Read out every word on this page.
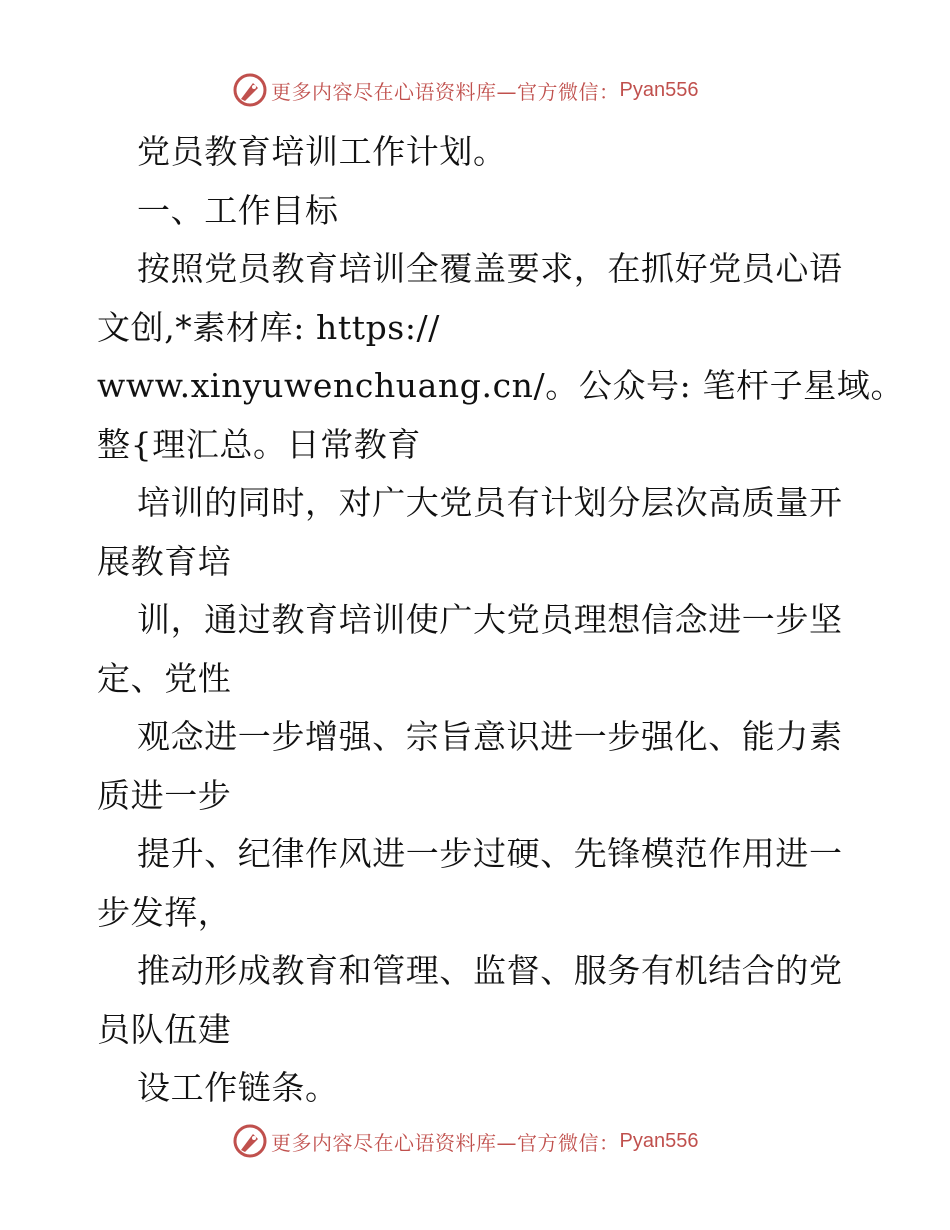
更多内容尽在心语资料库— 官方微信： Pyan556
党员教育培训工作计划。
一、工作目标
按照党员教育培训全覆盖要求，在抓好党员心语
文创,*素材库: https://
www.xinyuwenchuang.cn/。公众号: 笔杆子星域。
整{理汇总。日常教育
培训的同时，对广大党员有计划分层次高质量开
展教育培
训，通过教育培训使广大党员理想信念进一步坚
定、党性
观念进一步增强、宗旨意识进一步强化、能力素
质进一步
提升、纪律作风进一步过硬、先锋模范作用进一
步发挥，
推动形成教育和管理、监督、服务有机结合的党
员队伍建
设工作链条。
更多内容尽在心语资料库— 官方微信： Pyan556
